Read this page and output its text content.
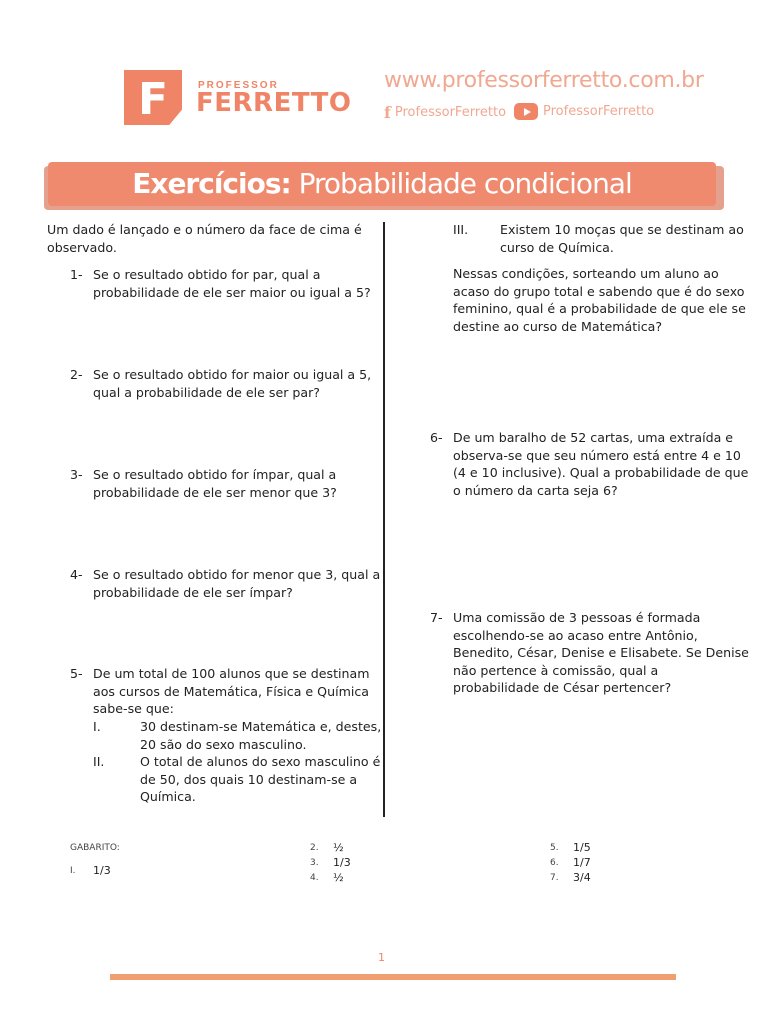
F	PROFESSOR
FERRETTO
www.professorferretto.com.br
f ProfessorFerretto	ProfessorFerretto
Exercícios: Probabilidade condicional
Um dado é lançado e o número da face de cima é
observado.
1- Se o resultado obtido for par, qual a
probabilidade de ele ser maior ou igual a 5?
2- Se o resultado obtido for maior ou igual a 5,
qual a probabilidade de ele ser par?
3- Se o resultado obtido for ímpar, qual a
probabilidade de ele ser menor que 3?
4- Se o resultado obtido for menor que 3, qual a
probabilidade de ele ser ímpar?
5- De um total de 100 alunos que se destinam
aos cursos de Matemática, Física e Química
sabe-se que:
I.	30 destinam-se Matemática e, destes,
20 são do sexo masculino.
II.	O total de alunos do sexo masculino é
de 50, dos quais 10 destinam-se a
Química.
III.	Existem 10 moças que se destinam ao
curso de Química.
Nessas condições, sorteando um aluno ao
acaso do grupo total e sabendo que é do sexo
feminino, qual é a probabilidade de que ele se
destine ao curso de Matemática?
6- De um baralho de 52 cartas, uma extraída e
observa-se que seu número está entre 4 e 10
(4 e 10 inclusive). Qual a probabilidade de que
o número da carta seja 6?
7- Uma comissão de 3 pessoas é formada
escolhendo-se ao acaso entre Antônio,
Benedito, César, Denise e Elisabete. Se Denise
não pertence à comissão, qual a
probabilidade de César pertencer?
GABARITO:
I. 1/3
2. ½
3. 1/3
4. ½
5. 1/5
6. 1/7
7. 3/4
1
